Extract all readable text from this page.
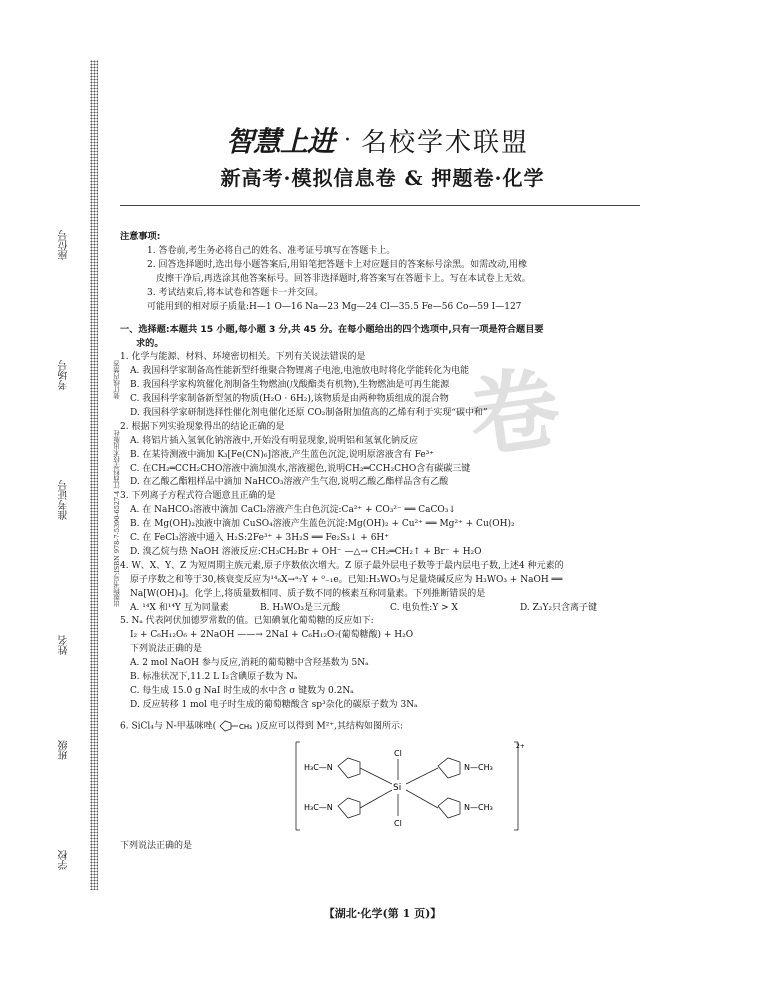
座位号
考场号
准考证号
姓名
班级
学校
装订线内禁答
出版物书号:ISBN 978-7-5390-6527-4 江西科学技术出版社
卷
智慧上进 · 名校学术联盟
新高考·模拟信息卷 & 押题卷·化学
注意事项:
1. 答卷前,考生务必将自己的姓名、准考证号填写在答题卡上。
2. 回答选择题时,选出每小题答案后,用铅笔把答题卡上对应题目的答案标号涂黑。如需改动,用橡
皮擦干净后,再选涂其他答案标号。回答非选择题时,将答案写在答题卡上。写在本试卷上无效。
3. 考试结束后,将本试卷和答题卡一并交回。
可能用到的相对原子质量:H—1 O—16 Na—23 Mg—24 Cl—35.5 Fe—56 Co—59 I—127
一、选择题:本题共 15 小题,每小题 3 分,共 45 分。在每小题给出的四个选项中,只有一项是符合题目要
求的。
1. 化学与能源、材料、环境密切相关。下列有关说法错误的是
A. 我国科学家制备高性能新型纤维聚合物锂离子电池,电池放电时将化学能转化为电能
B. 我国科学家构筑催化剂制备生物燃油(戊酸酯类有机物),生物燃油是可再生能源
C. 我国科学家制备新型氢的物质(H₂O · 6H₂),该物质是由两种物质组成的混合物
D. 我国科学家研制选择性催化剂电催化还原 CO₂制备附加值高的乙烯有利于实现“碳中和”
2. 根据下列实验现象得出的结论正确的是
A. 将铝片插入氢氧化钠溶液中,开始没有明显现象,说明铝和氢氧化钠反应
B. 在某待测液中滴加 K₃[Fe(CN)₆]溶液,产生蓝色沉淀,说明原溶液含有 Fe³⁺
C. 在CH₂═CCH₂CHO溶液中滴加溴水,溶液褪色,说明CH₂═CCH₂CHO含有碳碳三键
D. 在乙酸乙酯粗样品中滴加 NaHCO₃溶液产生气泡,说明乙酸乙酯样品含有乙酸
3. 下列离子方程式符合题意且正确的是
A. 在 NaHCO₃溶液中滴加 CaCl₂溶液产生白色沉淀:Ca²⁺ + CO₃²⁻ ══ CaCO₃↓
B. 在 Mg(OH)₂浊液中滴加 CuSO₄溶液产生蓝色沉淀:Mg(OH)₂ + Cu²⁺ ══ Mg²⁺ + Cu(OH)₂
C. 在 FeCl₃溶液中通入 H₂S:2Fe³⁺ + 3H₂S ══ Fe₂S₃↓ + 6H⁺
D. 溴乙烷与热 NaOH 溶液反应:CH₃CH₂Br + OH⁻ —△→ CH₂═CH₂↑ + Br⁻ + H₂O
4. W、X、Y、Z 为短周期主族元素,原子序数依次增大。Z 原子最外层电子数等于最内层电子数,上述4 种元素的
原子序数之和等于30,核衰变反应为¹⁴₆X→ᵃ₇Y + ⁰₋₁e。已知:H₃WO₃与足量烧碱反应为 H₃WO₃ + NaOH ══
Na[W(OH)₄]。化学上,将质量数相同、质子数不同的核素互称同量素。下列推断错误的是
A. ¹⁴X 和¹⁴Y 互为同量素	B. H₃WO₃是三元酸	C. 电负性:Y > X	D. Z₃Y₂只含离子键
5. Nₐ 代表阿伏加德罗常数的值。已知碘氧化葡萄糖的反应如下:
I₂ + C₆H₁₂O₆ + 2NaOH ——→ 2NaI + C₆H₁₂O₇(葡萄糖酸) + H₂O
下列说法正确的是
A. 2 mol NaOH 参与反应,消耗的葡萄糖中含羟基数为 5Nₐ
B. 标准状况下,11.2 L I₂含碘原子数为 Nₐ
C. 每生成 15.0 g NaI 时生成的水中含 σ 键数为 0.2Nₐ
D. 反应转移 1 mol 电子时生成的葡萄糖酸含 sp³杂化的碳原子数为 3Nₐ
6. SiCl₄与 N-甲基咪唑(	CH₃ )反应可以得到 M²⁺,其结构如图所示:
H₃C—N
H₃C—N
Cl
Si
Cl
N—CH₃
N—CH₃
2+
下列说法正确的是
【湖北·化学(第 1 页)】
